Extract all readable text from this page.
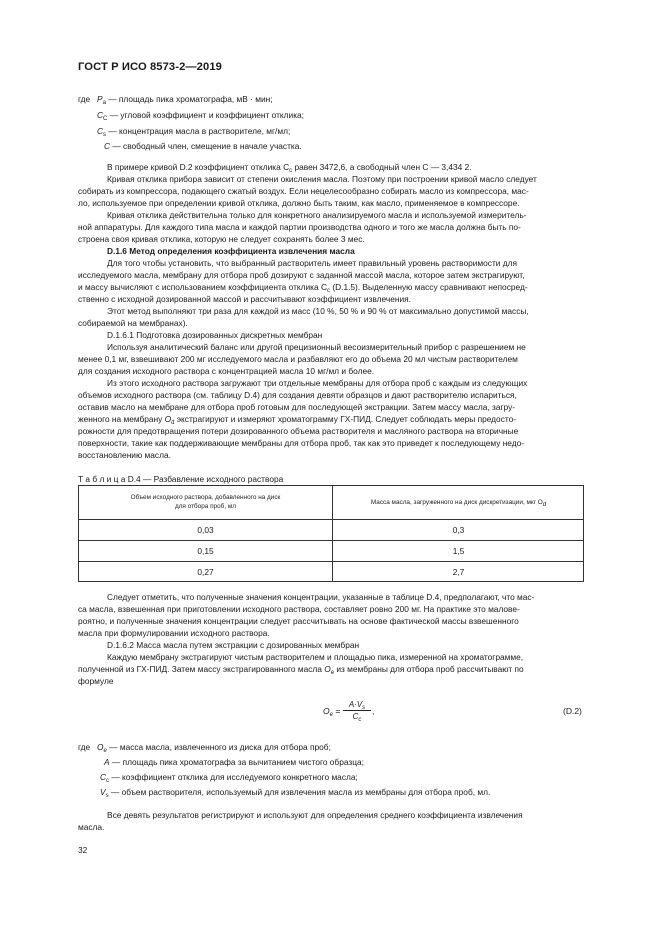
ГОСТ Р ИСО 8573-2—2019
где $P_a$ — площадь пика хроматографа, мВ · мин;
$C_C$ — угловой коэффициент и коэффициент отклика;
$C_s$ — концентрация масла в растворителе, мг/мл;
C — свободный член, смещение в начале участка.
В примере кривой D.2 коэффициент отклика $C_c$ равен 3472,6, а свободный член C — 3,434 2.
Кривая отклика прибора зависит от степени окисления масла. Поэтому при построении кривой масло следует
собирать из компрессора, подающего сжатый воздух. Если нецелесообразно собирать масло из компрессора, мас-
ло, используемое при определении кривой отклика, должно быть таким, как масло, применяемое в компрессоре.
Кривая отклика действительна только для конкретного анализируемого масла и используемой измеритель-
ной аппаратуры. Для каждого типа масла и каждой партии производства одного и того же масла должна быть по-
строена своя кривая отклика, которую не следует сохранять более 3 мес.
D.1.6 Метод определения коэффициента извлечения масла
Для того чтобы установить, что выбранный растворитель имеет правильный уровень растворимости для
исследуемого масла, мембрану для отбора проб дозируют с заданной массой масла, которое затем экстрагируют,
и массу вычисляют с использованием коэффициента отклика $C_c$ (D.1.5). Выделенную массу сравнивают непосред-
ственно с исходной дозированной массой и рассчитывают коэффициент извлечения.
Этот метод выполняют три раза для каждой из масс (10 %, 50 % и 90 % от максимально допустимой массы,
собираемой на мембранах).
D.1.6.1 Подготовка дозированных дискретных мембран
Используя аналитический баланс или другой прецизионный весоизмерительный прибор с разрешением не
менее 0,1 мг, взвешивают 200 мг исследуемого масла и разбавляют его до объема 20 мл чистым растворителем
для создания исходного раствора с концентрацией масла 10 мг/мл и более.
Из этого исходного раствора загружают три отдельные мембраны для отбора проб с каждым из следующих
объемов исходного раствора (см. таблицу D.4) для создания девяти образцов и дают растворителю испариться,
оставив масло на мембране для отбора проб готовым для последующей экстракции. Затем массу масла, загру-
женного на мембрану $O_d$ экстрагируют и измеряют хроматограмму ГХ-ПИД. Следует соблюдать меры предосто-
рожности для предотвращения потери дозированного объема растворителя и масляного раствора на вторичные
поверхности, такие как поддерживающие мембраны для отбора проб, так как это приведет к последующему недо-
восстановлению масла.
Т а б л и ц а D.4 — Разбавление исходного раствора
Объем исходного раствора, добавленного на диск
для отбора проб, мл
Масса масла, загруженного на диск дискретизации, мкг $O_d$
0,03	0,3
0,15	1,5
0,27	2,7
Следует отметить, что полученные значения концентрации, указанные в таблице D.4, предполагают, что мас-
са масла, взвешенная при приготовлении исходного раствора, составляет ровно 200 мг. На практике это малове-
роятно, и полученные значения концентрации следует рассчитывать на основе фактической массы взвешенного
масла при формулировании исходного раствора.
D.1.6.2 Масса масла путем экстракции с дозированных мембран
Каждую мембрану экстрагируют чистым растворителем и площадью пика, измеренной на хроматограмме,
полученной из ГХ-ПИД. Затем массу экстрагированного масла $O_e$ из мембраны для отбора проб рассчитывают по
формуле
$O_e = \frac{A\cdot V_s}{C_c}$ ,	(D.2)
где $O_e$ — масса масла, извлеченного из диска для отбора проб;
A — площадь пика хроматографа за вычитанием чистого образца;
$C_c$ — коэффициент отклика для исследуемого конкретного масла;
$V_s$ — объем растворителя, используемый для извлечения масла из мембраны для отбора проб, мл.
Все девять результатов регистрируют и используют для определения среднего коэффициента извлечения
масла.
32
